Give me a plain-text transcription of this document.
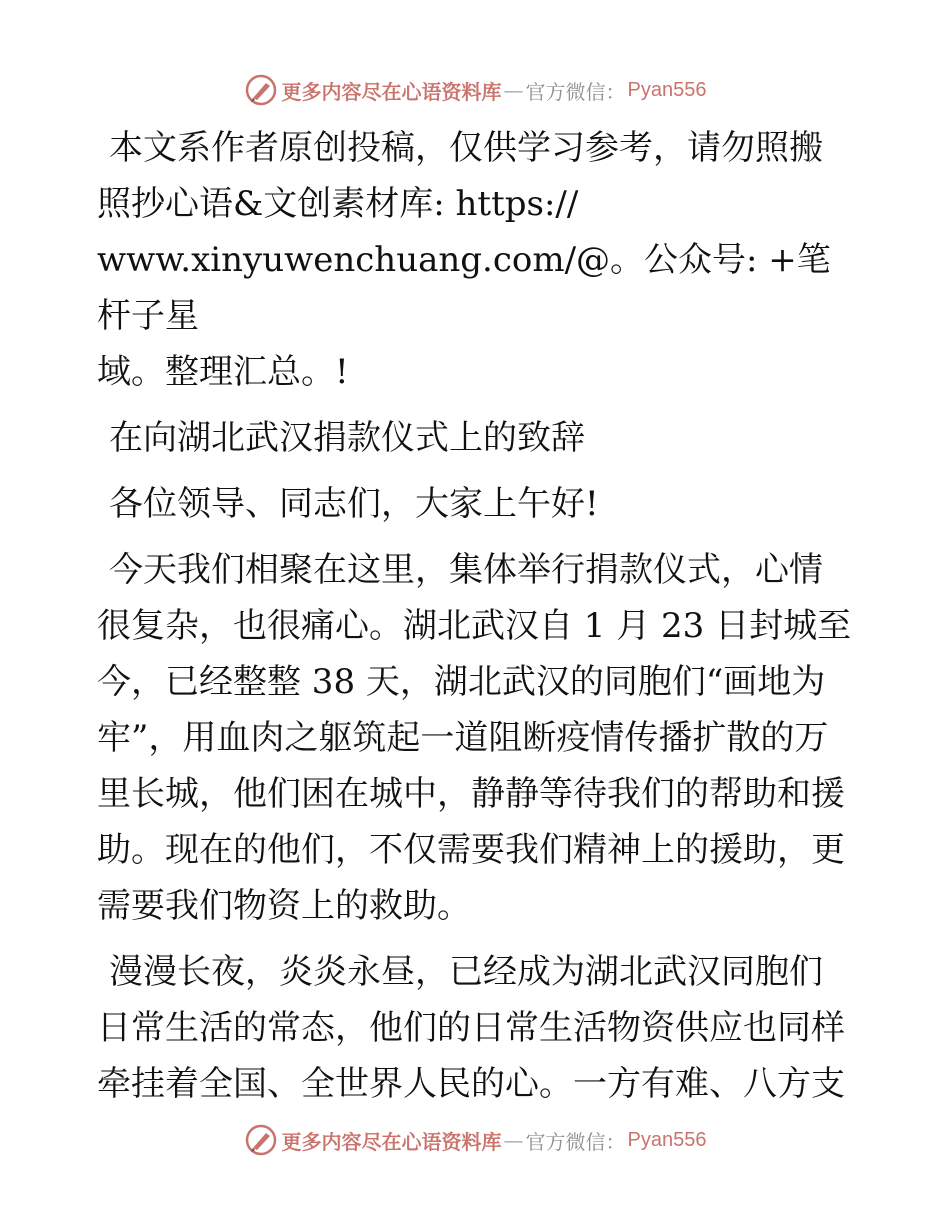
更多内容尽在心语资料库 — 官方微信： Pyan556

本文系作者原创投稿，仅供学习参考，请勿照搬

照抄心语&文创素材库: https://

www.xinyuwenchuang.com/@。公众号: +笔杆子星

域。整理汇总。!

在向湖北武汉捐款仪式上的致辞

各位领导、同志们，大家上午好!

今天我们相聚在这里，集体举行捐款仪式，心情

很复杂，也很痛心。湖北武汉自 1 月 23 日封城至

今，已经整整 38 天，湖北武汉的同胞们“画地为

牢”，用血肉之躯筑起一道阻断疫情传播扩散的万

里长城，他们困在城中，静静等待我们的帮助和援

助。现在的他们，不仅需要我们精神上的援助，更

需要我们物资上的救助。

漫漫长夜，炎炎永昼，已经成为湖北武汉同胞们

日常生活的常态，他们的日常生活物资供应也同样

牵挂着全国、全世界人民的心。一方有难、八方支

更多内容尽在心语资料库 — 官方微信： Pyan556
